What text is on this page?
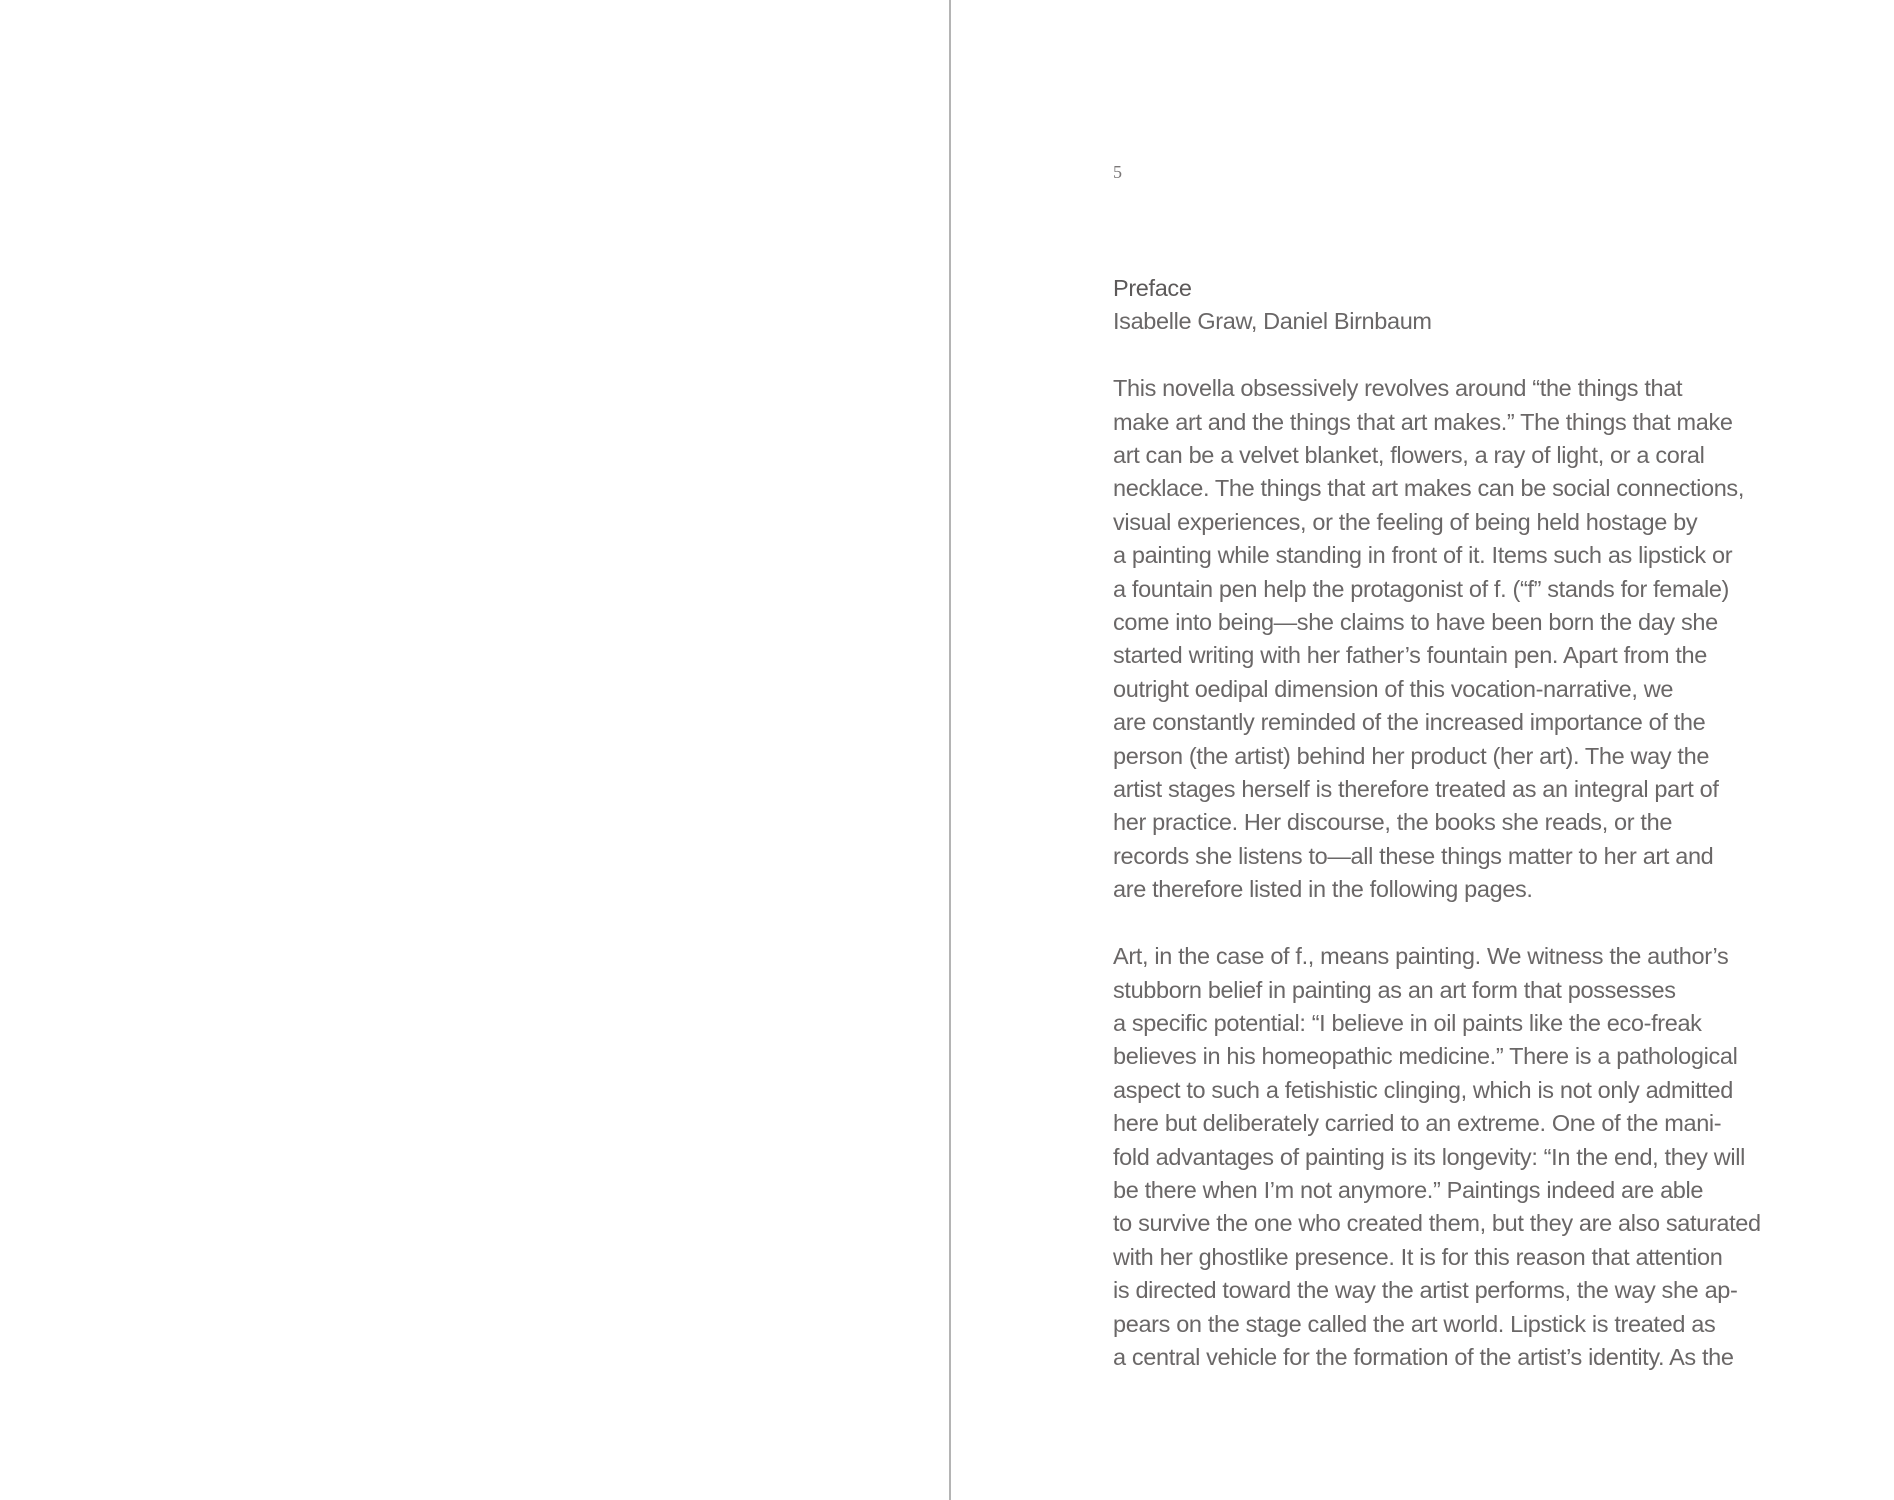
5
Preface

Isabelle Graw, Daniel Birnbaum

This novella obsessively revolves around “the things that
make art and the things that art makes.” The things that make
art can be a velvet blanket, flowers, a ray of light, or a coral
necklace. The things that art makes can be social connections,
visual experiences, or the feeling of being held hostage by
a painting while standing in front of it. Items such as lipstick or
a fountain pen help the protagonist of f. (“f” stands for female)
come into being—she claims to have been born the day she
started writing with her father’s fountain pen. Apart from the
outright oedipal dimension of this vocation-narrative, we
are constantly reminded of the increased importance of the
person (the artist) behind her product (her art). The way the
artist stages herself is therefore treated as an integral part of
her practice. Her discourse, the books she reads, or the
records she listens to—all these things matter to her art and
are therefore listed in the following pages.

Art, in the case of f., means painting. We witness the author’s
stubborn belief in painting as an art form that possesses
a specific potential: “I believe in oil paints like the eco-freak
believes in his homeopathic medicine.” There is a pathological
aspect to such a fetishistic clinging, which is not only admitted
here but deliberately carried to an extreme. One of the mani-
fold advantages of painting is its longevity: “In the end, they will
be there when I’m not anymore.” Paintings indeed are able
to survive the one who created them, but they are also saturated
with her ghostlike presence. It is for this reason that attention
is directed toward the way the artist performs, the way she ap-
pears on the stage called the art world. Lipstick is treated as
a central vehicle for the formation of the artist’s identity. As the
